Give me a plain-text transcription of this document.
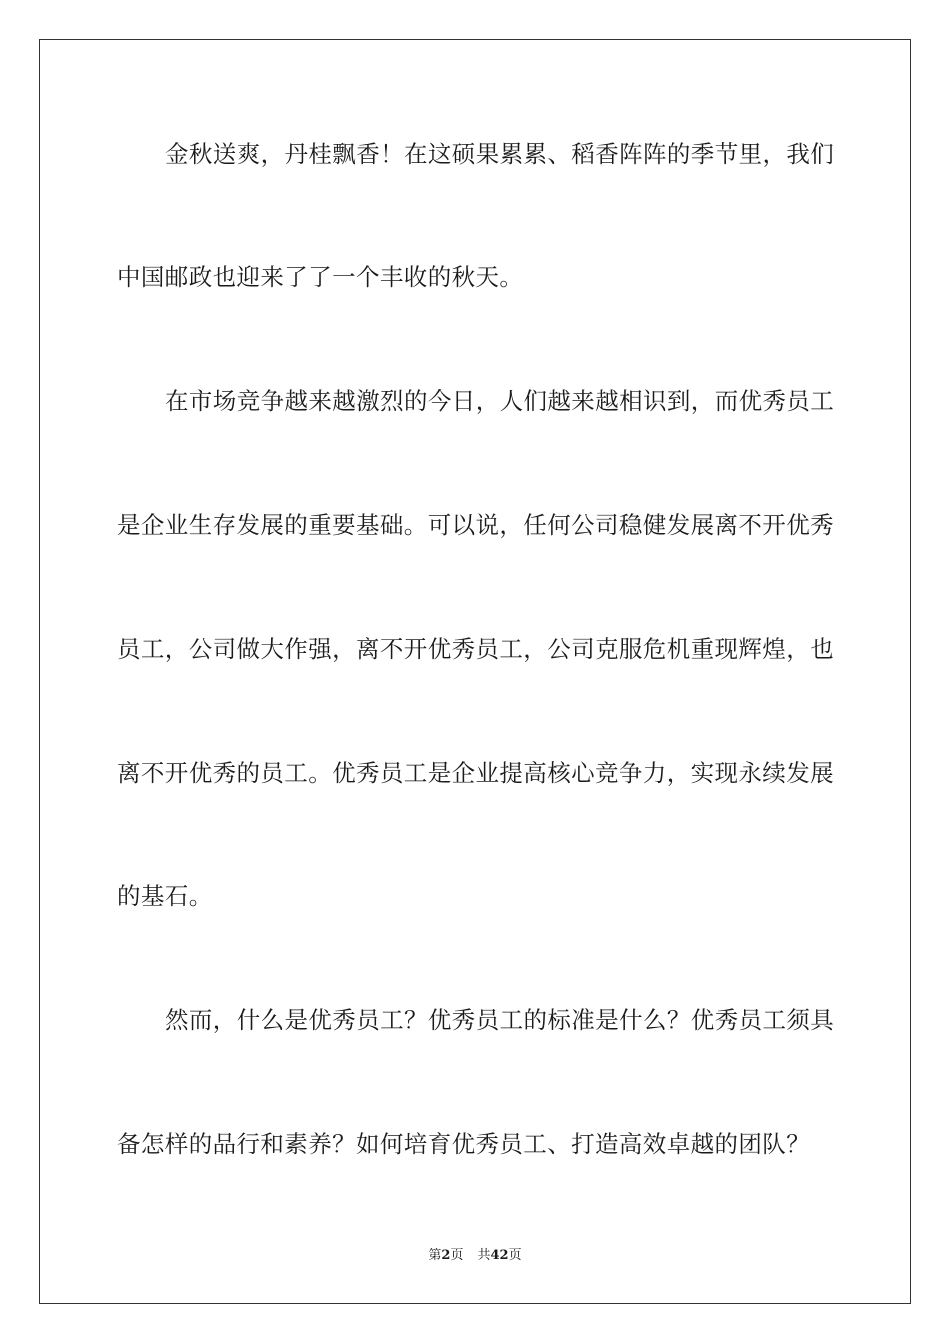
金秋送爽，丹桂飘香！在这硕果累累、稻香阵阵的季节里，我们
中国邮政也迎来了了一个丰收的秋天。
在市场竞争越来越激烈的今日，人们越来越相识到，而优秀员工
是企业生存发展的重要基础。可以说，任何公司稳健发展离不开优秀
员工，公司做大作强，离不开优秀员工，公司克服危机重现辉煌，也
离不开优秀的员工。优秀员工是企业提高核心竞争力，实现永续发展
的基石。
然而，什么是优秀员工？优秀员工的标准是什么？优秀员工须具
备怎样的品行和素养？如何培育优秀员工、打造高效卓越的团队？
第2页 共42页
